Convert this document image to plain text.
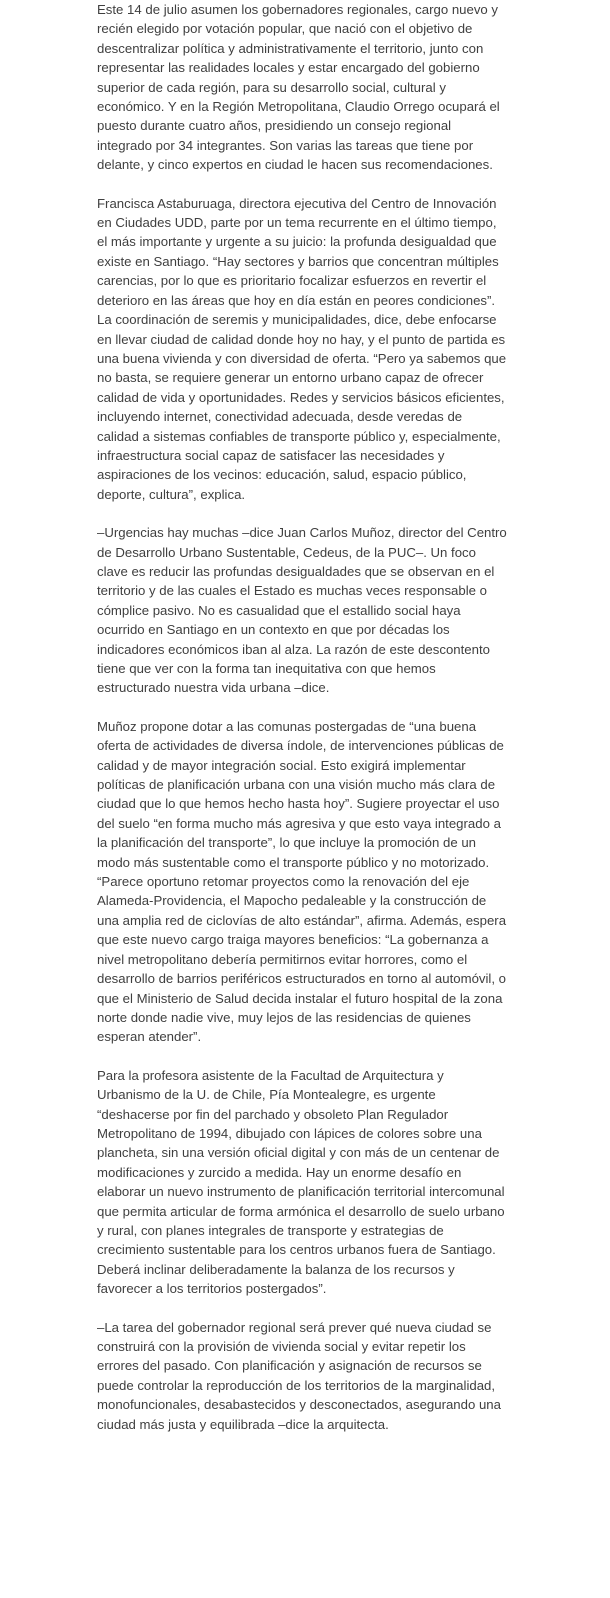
Este 14 de julio asumen los gobernadores regionales, cargo nuevo y recién elegido por votación popular, que nació con el objetivo de descentralizar política y administrativamente el territorio, junto con representar las realidades locales y estar encargado del gobierno superior de cada región, para su desarrollo social, cultural y económico. Y en la Región Metropolitana, Claudio Orrego ocupará el puesto durante cuatro años, presidiendo un consejo regional integrado por 34 integrantes. Son varias las tareas que tiene por delante, y cinco expertos en ciudad le hacen sus recomendaciones.

Francisca Astaburuaga, directora ejecutiva del Centro de Innovación en Ciudades UDD, parte por un tema recurrente en el último tiempo, el más importante y urgente a su juicio: la profunda desigualdad que existe en Santiago. “Hay sectores y barrios que concentran múltiples carencias, por lo que es prioritario focalizar esfuerzos en revertir el deterioro en las áreas que hoy en día están en peores condiciones”. La coordinación de seremis y municipalidades, dice, debe enfocarse en llevar ciudad de calidad donde hoy no hay, y el punto de partida es una buena vivienda y con diversidad de oferta. “Pero ya sabemos que no basta, se requiere generar un entorno urbano capaz de ofrecer calidad de vida y oportunidades. Redes y servicios básicos eficientes, incluyendo internet, conectividad adecuada, desde veredas de calidad a sistemas confiables de transporte público y, especialmente, infraestructura social capaz de satisfacer las necesidades y aspiraciones de los vecinos: educación, salud, espacio público, deporte, cultura”, explica.

–Urgencias hay muchas –dice Juan Carlos Muñoz, director del Centro de Desarrollo Urbano Sustentable, Cedeus, de la PUC–. Un foco clave es reducir las profundas desigualdades que se observan en el territorio y de las cuales el Estado es muchas veces responsable o cómplice pasivo. No es casualidad que el estallido social haya ocurrido en Santiago en un contexto en que por décadas los indicadores económicos iban al alza. La razón de este descontento tiene que ver con la forma tan inequitativa con que hemos estructurado nuestra vida urbana –dice.

Muñoz propone dotar a las comunas postergadas de “una buena oferta de actividades de diversa índole, de intervenciones públicas de calidad y de mayor integración social. Esto exigirá implementar políticas de planificación urbana con una visión mucho más clara de ciudad que lo que hemos hecho hasta hoy”. Sugiere proyectar el uso del suelo “en forma mucho más agresiva y que esto vaya integrado a la planificación del transporte”, lo que incluye la promoción de un modo más sustentable como el transporte público y no motorizado. “Parece oportuno retomar proyectos como la renovación del eje Alameda-Providencia, el Mapocho pedaleable y la construcción de una amplia red de ciclovías de alto estándar”, afirma. Además, espera que este nuevo cargo traiga mayores beneficios: “La gobernanza a nivel metropolitano debería permitirnos evitar horrores, como el desarrollo de barrios periféricos estructurados en torno al automóvil, o que el Ministerio de Salud decida instalar el futuro hospital de la zona norte donde nadie vive, muy lejos de las residencias de quienes esperan atender”.

Para la profesora asistente de la Facultad de Arquitectura y Urbanismo de la U. de Chile, Pía Montealegre, es urgente “deshacerse por fin del parchado y obsoleto Plan Regulador Metropolitano de 1994, dibujado con lápices de colores sobre una plancheta, sin una versión oficial digital y con más de un centenar de modificaciones y zurcido a medida. Hay un enorme desafío en elaborar un nuevo instrumento de planificación territorial intercomunal que permita articular de forma armónica el desarrollo de suelo urbano y rural, con planes integrales de transporte y estrategias de crecimiento sustentable para los centros urbanos fuera de Santiago. Deberá inclinar deliberadamente la balanza de los recursos y favorecer a los territorios postergados”.

–La tarea del gobernador regional será prever qué nueva ciudad se construirá con la provisión de vivienda social y evitar repetir los errores del pasado. Con planificación y asignación de recursos se puede controlar la reproducción de los territorios de la marginalidad, monofuncionales, desabastecidos y desconectados, asegurando una ciudad más justa y equilibrada –dice la arquitecta.
